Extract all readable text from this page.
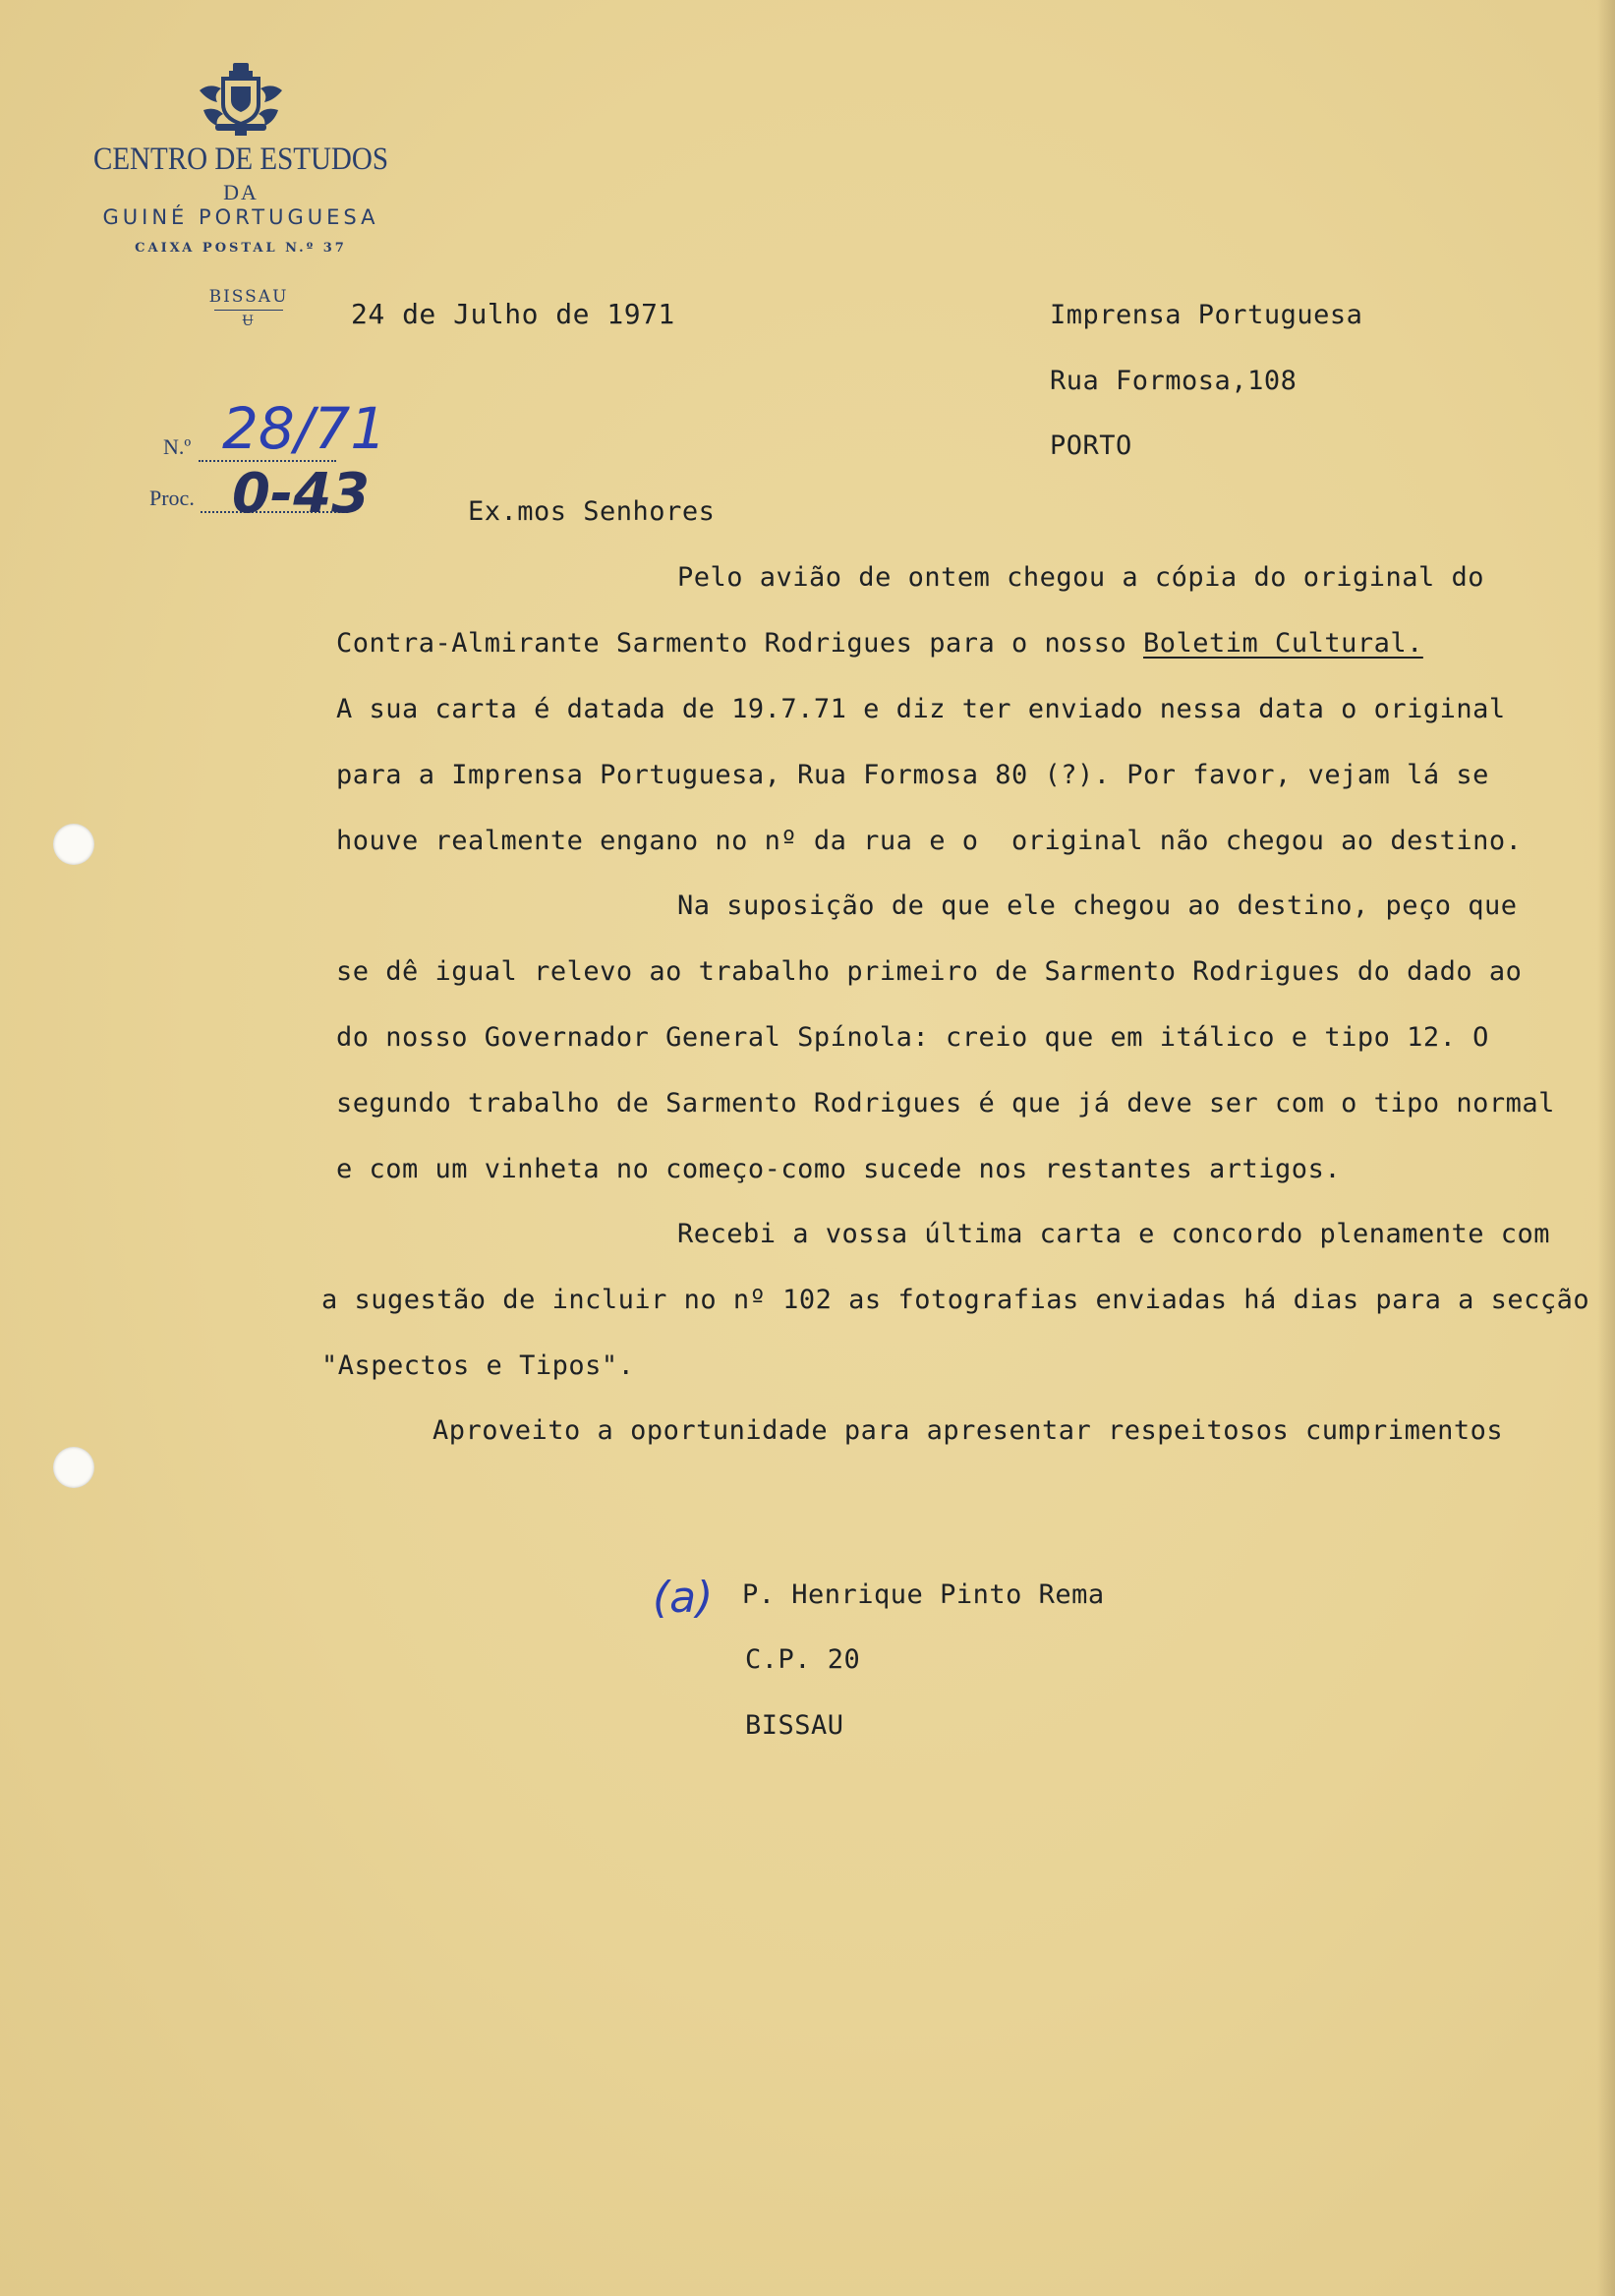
CENTRO DE ESTUDOS
DA
GUINÉ PORTUGUESA
CAIXA POSTAL N.º 37
BISSAU
Ʉ	24 de Julho de 1971	Imprensa Portuguesa
Rua Formosa,108
PORTO
N.º 28/71
Proc. 0-43	Ex.mos Senhores
Pelo avião de ontem chegou a cópia do original do
Contra-Almirante Sarmento Rodrigues para o nosso Boletim Cultural.
A sua carta é datada de 19.7.71 e diz ter enviado nessa data o original
para a Imprensa Portuguesa, Rua Formosa 80 (?). Por favor, vejam lá se
houve realmente engano no nº da rua e o  original não chegou ao destino.
Na suposição de que ele chegou ao destino, peço que
se dê igual relevo ao trabalho primeiro de Sarmento Rodrigues do dado ao
do nosso Governador General Spínola: creio que em itálico e tipo 12. O
segundo trabalho de Sarmento Rodrigues é que já deve ser com o tipo normal
e com um vinheta no começo-como sucede nos restantes artigos.
Recebi a vossa última carta e concordo plenamente com
a sugestão de incluir no nº 102 as fotografias enviadas há dias para a secção
"Aspectos e Tipos".
Aproveito a oportunidade para apresentar respeitosos cumprimentos
(a) P. Henrique Pinto Rema
C.P. 20
BISSAU
